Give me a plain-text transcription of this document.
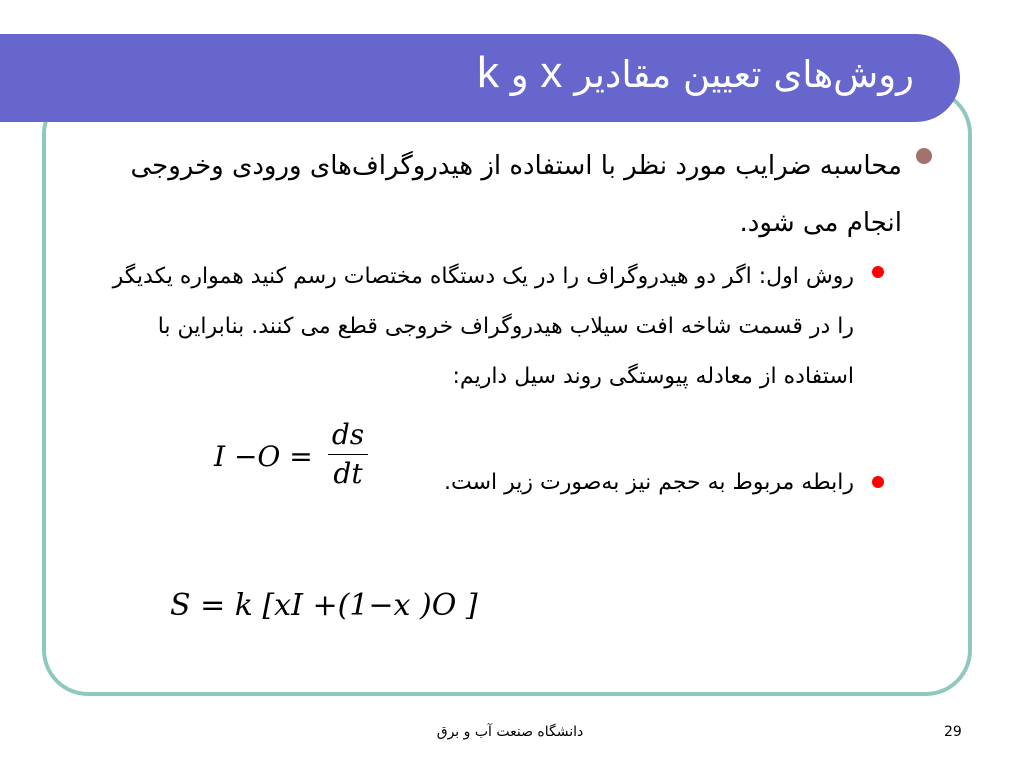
روش‌های تعیین مقادیر x و k
محاسبه ضرایب مورد نظر با استفاده از هیدروگراف‌های ورودی وخروجی انجام می شود.
روش اول: اگر دو هیدروگراف را در یک دستگاه مختصات رسم کنید همواره یکدیگر را در قسمت شاخه افت سیلاب هیدروگراف خروجی قطع می کنند. بنابراین با استفاده از معادله پیوستگی روند سیل داریم:
رابطه مربوط به حجم نیز به‌صورت زیر است.
I −O =
ds
dt
S = k [xI +(1−x )O ]
دانشگاه صنعت آب و برق	29
